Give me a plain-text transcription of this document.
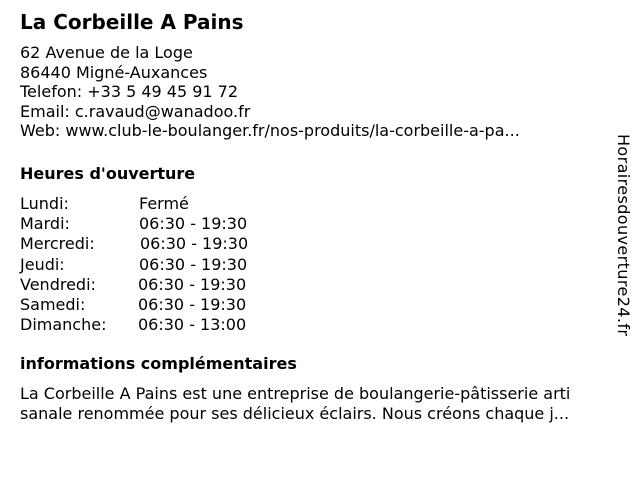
La Corbeille A Pains
62 Avenue de la Loge
86440 Migné-Auxances
Telefon: +33 5 49 45 91 72
Email: c.ravaud@wanadoo.fr
Web: www.club-le-boulanger.fr/nos-produits/la-corbeille-a-pa...
Heures d'ouverture
Lundi:	Fermé
Mardi:	06:30 - 19:30
Mercredi:	06:30 - 19:30
Jeudi:	06:30 - 19:30
Vendredi:	06:30 - 19:30
Samedi:	06:30 - 19:30
Dimanche: 06:30 - 13:00
informations complémentaires
La Corbeille A Pains est une entreprise de boulangerie-pâtisserie arti
sanale renommée pour ses délicieux éclairs. Nous créons chaque j...
Horairesdouverture24.fr
